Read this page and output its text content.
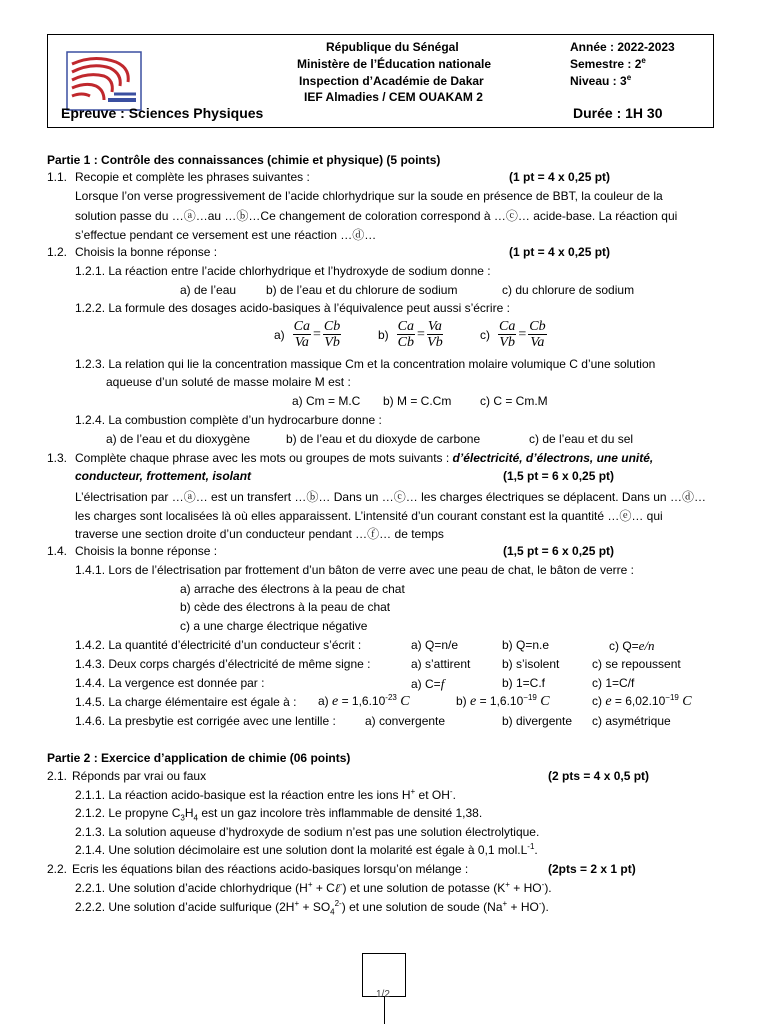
République du Sénégal
Ministère de l’Éducation nationale
Inspection d’Académie de Dakar
IEF Almadies / CEM OUAKAM 2
Année : 2022-2023
Semestre : 2e
Niveau : 3e
Epreuve : Sciences Physiques	Durée : 1H 30
Partie 1 : Contrôle des connaissances (chimie et physique) (5 points)
1.1. Recopie et complète les phrases suivantes :	(1 pt = 4 x 0,25 pt)
Lorsque l’on verse progressivement de l’acide chlorhydrique sur la soude en présence de BBT, la couleur de la
solution passe du …ⓐ…au …ⓑ…Ce changement de coloration correspond à …ⓒ… acide-base. La réaction qui
s’effectue pendant ce versement est une réaction …ⓓ…
1.2. Choisis la bonne réponse :	(1 pt = 4 x 0,25 pt)
1.2.1. La réaction entre l’acide chlorhydrique et l’hydroxyde de sodium donne :
a) de l’eau b) de l’eau et du chlorure de sodium	c) du chlorure de sodium
1.2.2. La formule des dosages acido-basiques à l’équivalence peut aussi s’écrire :
$a) \frac{Ca}{Va} = \frac{Cb}{Vb}$	$b) \frac{Ca}{Cb} = \frac{Va}{Vb}$	$c) \frac{Ca}{Vb} = \frac{Cb}{Va}$
1.2.3. La relation qui lie la concentration massique Cm et la concentration molaire volumique C d’une solution
aqueuse d’un soluté de masse molaire M est :
a) Cm = M.C b) M = C.Cm c) C = Cm.M
1.2.4. La combustion complète d’un hydrocarbure donne :
a) de l’eau et du dioxygène	b) de l’eau et du dioxyde de carbone	c) de l’eau et du sel
1.3. Complète chaque phrase avec les mots ou groupes de mots suivants : d’électricité, d’électrons, une unité,
conducteur, frottement, isolant	(1,5 pt = 6 x 0,25 pt)
L’électrisation par …ⓐ… est un transfert …ⓑ… Dans un …ⓒ… les charges électriques se déplacent. Dans un …ⓓ…
les charges sont localisées là où elles apparaissent. L’intensité d’un courant constant est la quantité …ⓔ… qui
traverse une section droite d’un conducteur pendant …ⓕ… de temps
1.4. Choisis la bonne réponse :	(1,5 pt = 6 x 0,25 pt)
1.4.1. Lors de l’électrisation par frottement d’un bâton de verre avec une peau de chat, le bâton de verre :
a) arrache des électrons à la peau de chat
b) cède des électrons à la peau de chat
c) a une charge électrique négative
1.4.2. La quantité d’électricité d’un conducteur s’écrit :	a) Q=n/e	b) Q=n.e	c) Q=e/n
1.4.3. Deux corps chargés d’électricité de même signe :	a) s’attirent	b) s’isolent	c) se repoussent
1.4.4. La vergence est donnée par :	a) C=f	b) 1=C.f	c) 1=C/f
1.4.5. La charge élémentaire est égale à : a) $e = 1,6.10^{-23}$ C	b) $e = 1,6.10^{-19}$ C	c) $e = 6,02.10^{-19}$ C
1.4.6. La presbytie est corrigée avec une lentille : a) convergente	b) divergente c) asymétrique
Partie 2 : Exercice d’application de chimie (06 points)
2.1. Réponds par vrai ou faux	(2 pts = 4 x 0,5 pt)
2.1.1. La réaction acido-basique est la réaction entre les ions H+ et OH-.
2.1.2. Le propyne $C_3H_4$ est un gaz incolore très inflammable de densité 1,38.
2.1.3. La solution aqueuse d’hydroxyde de sodium n’est pas une solution électrolytique.
2.1.4. Une solution décimolaire est une solution dont la molarité est égale à 0,1 $mol.L^{-1}$.
2.2. Ecris les équations bilan des réactions acido-basiques lorsqu’on mélange :	(2pts = 2 x 1 pt)
2.2.1. Une solution d’acide chlorhydrique (H+ + Cℓ-) et une solution de potasse (K+ + HO-).
2.2.2. Une solution d’acide sulfurique $(2H^+ + SO_4^{2-})$ et une solution de soude (Na+ + HO-).
1/2
